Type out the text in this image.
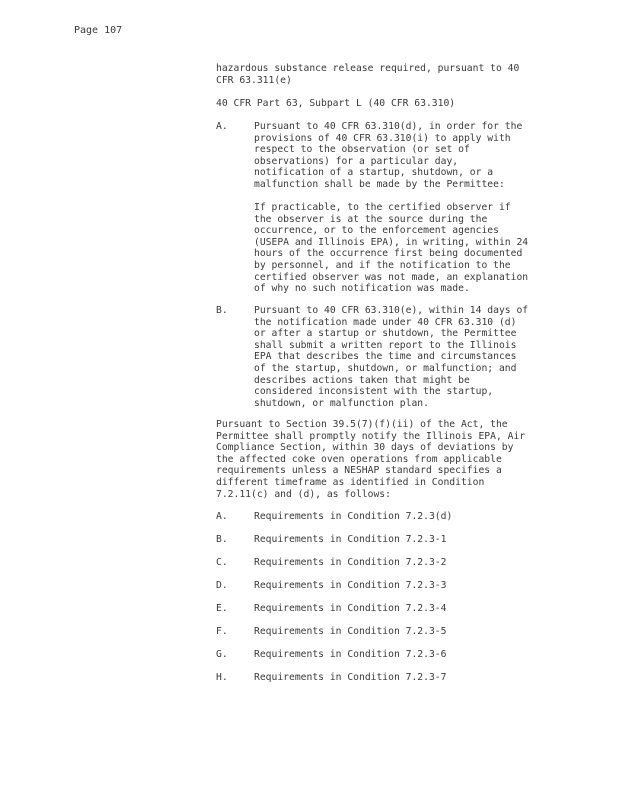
Page 107
hazardous substance release required, pursuant to 40
CFR 63.311(e)
40 CFR Part 63, Subpart L (40 CFR 63.310)
A.	Pursuant to 40 CFR 63.310(d), in order for the
provisions of 40 CFR 63.310(i) to apply with
respect to the observation (or set of
observations) for a particular day,
notification of a startup, shutdown, or a
malfunction shall be made by the Permittee:
If practicable, to the certified observer if
the observer is at the source during the
occurrence, or to the enforcement agencies
(USEPA and Illinois EPA), in writing, within 24
hours of the occurrence first being documented
by personnel, and if the notification to the
certified observer was not made, an explanation
of why no such notification was made.
B.	Pursuant to 40 CFR 63.310(e), within 14 days of
the notification made under 40 CFR 63.310 (d)
or after a startup or shutdown, the Permittee
shall submit a written report to the Illinois
EPA that describes the time and circumstances
of the startup, shutdown, or malfunction; and
describes actions taken that might be
considered inconsistent with the startup,
shutdown, or malfunction plan.
Pursuant to Section 39.5(7)(f)(ii) of the Act, the
Permittee shall promptly notify the Illinois EPA, Air
Compliance Section, within 30 days of deviations by
the affected coke oven operations from applicable
requirements unless a NESHAP standard specifies a
different timeframe as identified in Condition
7.2.11(c) and (d), as follows:
A.	Requirements in Condition 7.2.3(d)
B.	Requirements in Condition 7.2.3-1
C.	Requirements in Condition 7.2.3-2
D.	Requirements in Condition 7.2.3-3
E.	Requirements in Condition 7.2.3-4
F.	Requirements in Condition 7.2.3-5
G.	Requirements in Condition 7.2.3-6
H.	Requirements in Condition 7.2.3-7
